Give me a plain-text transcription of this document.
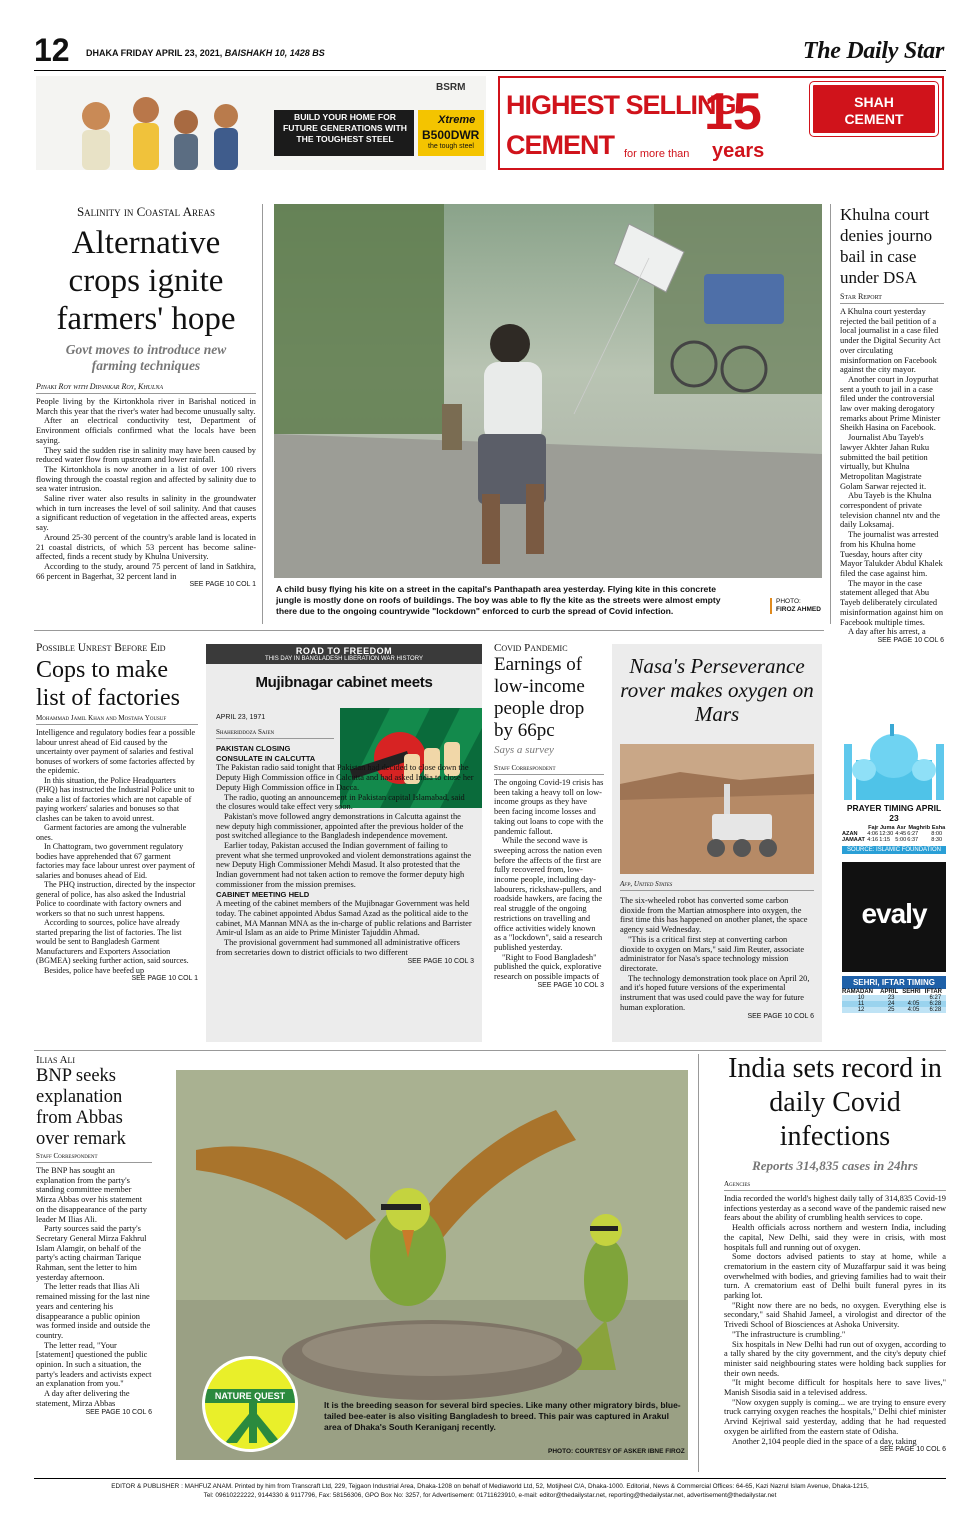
12 DHAKA FRIDAY APRIL 23, 2021, BAISHAKH 10, 1428 BS	The Daily Star
BUILD YOUR HOME FOR FUTURE GENERATIONS WITH THE TOUGHEST STEEL
BSRM
Xtreme
B500DWR
the tough steel
HIGHEST SELLING
CEMENT for more than
15
years
SHAH CEMENT
Salinity in Coastal Areas
Alternative crops ignite farmers' hope
Govt moves to introduce new farming techniques
Pinaki Roy with Dipankar Roy, Khulna

People living by the Kirtonkhola river in Barishal noticed in March this year that the river's water had become unusually salty.

After an electrical conductivity test, Department of Environment officials confirmed what the locals have been saying.

They said the sudden rise in salinity may have been caused by reduced water flow from upstream and lower rainfall.

The Kirtonkhola is now another in a list of over 100 rivers flowing through the coastal region and affected by salinity due to sea water intrusion.

Saline river water also results in salinity in the groundwater which in turn increases the level of soil salinity. And that causes a significant reduction of vegetation in the affected areas, experts say.

Around 25-30 percent of the country's arable land is located in 21 coastal districts, of which 53 percent has become saline-affected, finds a recent study by Khulna University.

According to the study, around 75 percent of land in Satkhira, 66 percent in Bagerhat, 32 percent land in

SEE PAGE 10 COL 1 A child busy flying his kite on a street in the capital's Panthapath area yesterday. Flying kite in this concrete jungle is mostly done on roofs of buildings. The boy was able to fly the kite as the streets were almost empty there due to the ongoing countrywide "lockdown" enforced to curb the spread of Covid infection.
PHOTO:
FIROZ AHMED
Khulna court denies journo bail in case under DSA
Star Report

A Khulna court yesterday rejected the bail petition of a local journalist in a case filed under the Digital Security Act over circulating misinformation on Facebook against the city mayor.

Another court in Joypurhat sent a youth to jail in a case filed under the controversial law over making derogatory remarks about Prime Minister Sheikh Hasina on Facebook.

Journalist Abu Tayeb's lawyer Akhter Jahan Ruku submitted the bail petition virtually, but Khulna Metropolitan Magistrate Golam Sarwar rejected it.

Abu Tayeb is the Khulna correspondent of private television channel ntv and the daily Loksamaj.

The journalist was arrested from his Khulna home Tuesday, hours after city Mayor Talukder Abdul Khalek filed the case against him.

The mayor in the case statement alleged that Abu Tayeb deliberately circulated misinformation against him on Facebook multiple times.

A day after his arrest, a

SEE PAGE 10 COL 6
PRAYER TIMING APRIL 23
	Fajr	Juma	Asr	Maghrib	Esha
AZAN	4:06	12:30	4:45	6:27	8:00
JAMAAT	4:16	1:15	5:00	6:37	8:30
SOURCE: ISLAMIC FOUNDATION
evaly
SEHRI, IFTAR TIMING
RAMADAN	APRIL	SEHRI	IFTAR
10	23		6:27
11	24	4:05	6:28
12	25	4:05	6:28
Possible Unrest Before Eid
Cops to make list of factories
Mohammad Jamil Khan and Mostafa Yousuf

Intelligence and regulatory bodies fear a possible labour unrest ahead of Eid caused by the uncertainty over payment of salaries and festival bonuses of workers of some factories affected by the epidemic.

In this situation, the Police Headquarters (PHQ) has instructed the Industrial Police unit to make a list of factories which are not capable of paying workers' salaries and bonuses so that clashes can be taken to avoid unrest.

Garment factories are among the vulnerable ones.

In Chattogram, two government regulatory bodies have apprehended that 67 garment factories may face labour unrest over payment of salaries and bonuses ahead of Eid.

The PHQ instruction, directed by the inspector general of police, has also asked the Industrial Police to coordinate with factory owners and workers so that no such unrest happens.

According to sources, police have already started preparing the list of factories. The list would be sent to Bangladesh Garment Manufacturers and Exporters Association (BGMEA) seeking further action, said sources.

Besides, police have beefed up

SEE PAGE 10 COL 1
ROAD TO FREEDOM
THIS DAY IN BANGLADESH LIBERATION WAR HISTORY
Mujibnagar cabinet meets
APRIL 23, 1971
Shaheriddoza Sajen
PAKISTAN CLOSING CONSULATE IN CALCUTTA

The Pakistan radio said tonight that Pakistan had decided to close down the Deputy High Commission office in Calcutta and had asked India to close her Deputy High Commission office in Dacca.

The radio, quoting an announcement in Pakistan capital Islamabad, said the closures would take effect very soon.

Pakistan's move followed angry demonstrations in Calcutta against the new deputy high commissioner, appointed after the previous holder of the post switched allegiance to the Bangladesh independence movement.

Earlier today, Pakistan accused the Indian government of failing to prevent what she termed unprovoked and violent demonstrations against the new Deputy High Commissioner Mehdi Masud. It also protested that the Indian government had not taken action to remove the former deputy high commissioner from the mission premises.

CABINET MEETING HELD

A meeting of the cabinet members of the Mujibnagar Government was held today. The cabinet appointed Abdus Samad Azad as the political aide to the cabinet, MA Mannan MNA as the in-charge of public relations and Barrister Amir-ul Islam as an aide to Prime Minister Tajuddin Ahmad.

The provisional government had summoned all administrative officers from secretaries down to district officials to two different

SEE PAGE 10 COL 3
Covid Pandemic
Earnings of low-income people drop by 66pc
Says a survey
Staff Correspondent

The ongoing Covid-19 crisis has been taking a heavy toll on low-income groups as they have been facing income losses and taking out loans to cope with the pandemic fallout.

While the second wave is sweeping across the nation even before the affects of the first are fully recovered from, low-income people, including day-labourers, rickshaw-pullers, and roadside hawkers, are facing the real struggle of the ongoing restrictions on travelling and office activities widely known as a "lockdown", said a research published yesterday.

"Right to Food Bangladesh" published the quick, explorative research on possible impacts of

SEE PAGE 10 COL 3
Nasa's Perseverance rover makes oxygen on Mars
Afp, United States

The six-wheeled robot has converted some carbon dioxide from the Martian atmosphere into oxygen, the first time this has happened on another planet, the space agency said Wednesday.

"This is a critical first step at converting carbon dioxide to oxygen on Mars," said Jim Reuter, associate administrator for Nasa's space technology mission directorate.

The technology demonstration took place on April 20, and it's hoped future versions of the experimental instrument that was used could pave the way for future human exploration.

SEE PAGE 10 COL 6
Ilias Ali
BNP seeks explanation from Abbas over remark
Staff Correspondent

The BNP has sought an explanation from the party's standing committee member Mirza Abbas over his statement on the disappearance of the party leader M Ilias Ali.

Party sources said the party's Secretary General Mirza Fakhrul Islam Alamgir, on behalf of the party's acting chairman Tarique Rahman, sent the letter to him yesterday afternoon.

The letter reads that Ilias Ali remained missing for the last nine years and centering his disappearance a public opinion was formed inside and outside the country.

The letter read, "Your [statement] questioned the public opinion. In such a situation, the party's leaders and activists expect an explanation from you."

A day after delivering the statement, Mirza Abbas

SEE PAGE 10 COL 6
NATURE QUEST
It is the breeding season for several bird species. Like many other migratory birds, blue-tailed bee-eater is also visiting Bangladesh to breed. This pair was captured in Arakul area of Dhaka's South Keraniganj recently.
PHOTO: COURTESY OF ASKER IBNE FIROZ
India sets record in daily Covid infections
Reports 314,835 cases in 24hrs
Agencies

India recorded the world's highest daily tally of 314,835 Covid-19 infections yesterday as a second wave of the pandemic raised new fears about the ability of crumbling health services to cope.

Health officials across northern and western India, including the capital, New Delhi, said they were in crisis, with most hospitals full and running out of oxygen.

Some doctors advised patients to stay at home, while a crematorium in the eastern city of Muzaffarpur said it was being overwhelmed with bodies, and grieving families had to wait their turn. A crematorium east of Delhi built funeral pyres in its parking lot.

"Right now there are no beds, no oxygen. Everything else is secondary," said Shahid Jameel, a virologist and director of the Trivedi School of Biosciences at Ashoka University.

"The infrastructure is crumbling."

Six hospitals in New Delhi had run out of oxygen, according to a tally shared by the city government, and the city's deputy chief minister said neighbouring states were holding back supplies for their own needs.

"It might become difficult for hospitals here to save lives," Manish Sisodia said in a televised address.

"Now oxygen supply is coming... we are trying to ensure every truck carrying oxygen reaches the hospitals," Delhi chief minister Arvind Kejriwal said yesterday, adding that he had requested oxygen be airlifted from the eastern state of Odisha.

Another 2,104 people died in the space of a day, taking

SEE PAGE 10 COL 6
EDITOR & PUBLISHER : MAHFUZ ANAM. Printed by him from Transcraft Ltd, 229, Tejgaon Industrial Area, Dhaka-1208 on behalf of Mediaworld Ltd, 52, Motijheel C/A, Dhaka-1000. Editorial, News & Commercial Offices: 64-65, Kazi Nazrul Islam Avenue, Dhaka-1215,
Tel: 09610222222, 9144330 & 9117796, Fax: 58156306, GPO Box No: 3257, for Advertisement: 01711623910, e-mail: editor@thedailystar.net, reporting@thedailystar.net, advertisement@thedailystar.net
